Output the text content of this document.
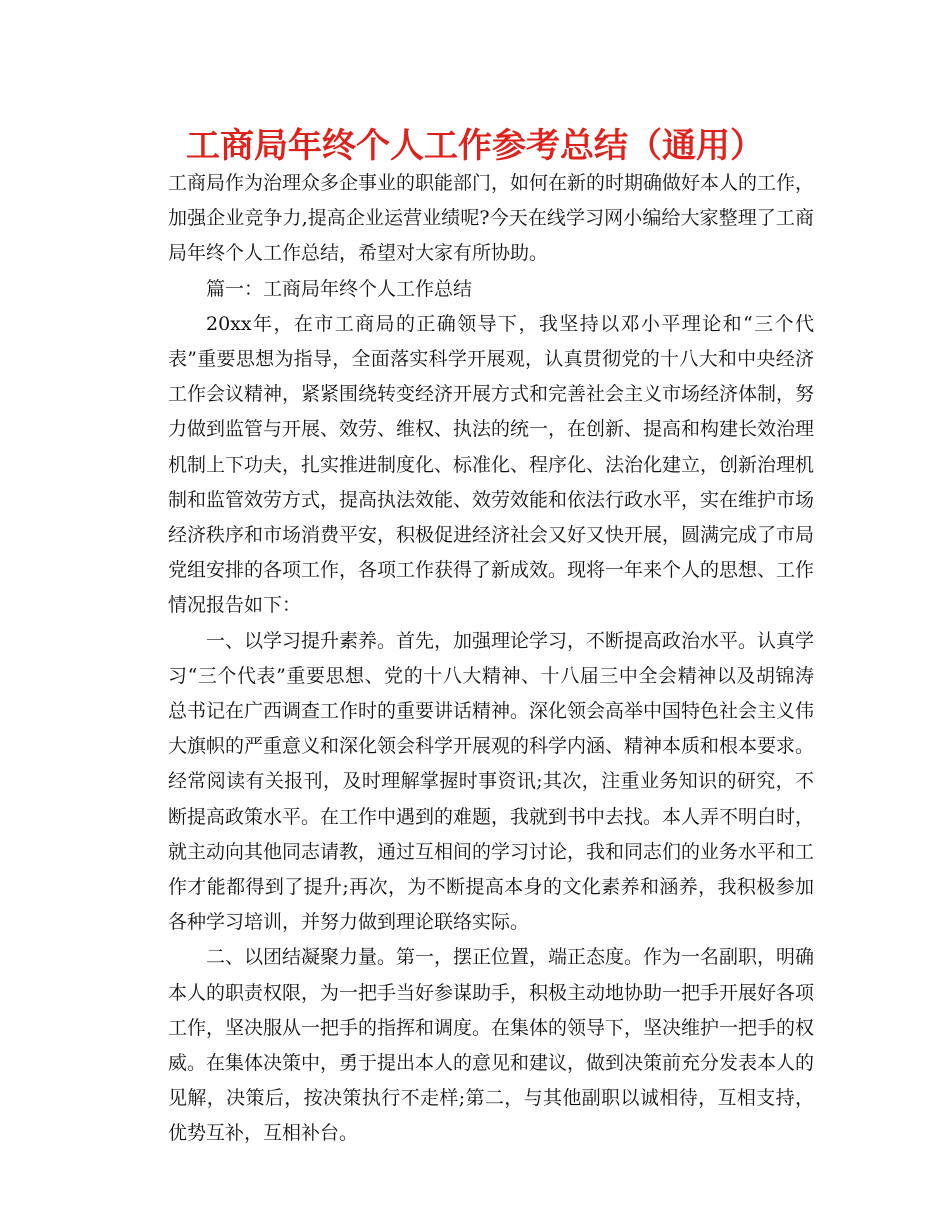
工商局年终个人工作参考总结（通用）

工商局作为治理众多企事业的职能部门，如何在新的时期确做好本人的工作，加强企业竞争力,提高企业运营业绩呢?今天在线学习网小编给大家整理了工商局年终个人工作总结，希望对大家有所协助。

篇一：工商局年终个人工作总结

20xx年，在市工商局的正确领导下，我坚持以邓小平理论和“三个代表”重要思想为指导，全面落实科学开展观，认真贯彻党的十八大和中央经济工作会议精神，紧紧围绕转变经济开展方式和完善社会主义市场经济体制，努力做到监管与开展、效劳、维权、执法的统一，在创新、提高和构建长效治理机制上下功夫，扎实推进制度化、标准化、程序化、法治化建立，创新治理机制和监管效劳方式，提高执法效能、效劳效能和依法行政水平，实在维护市场经济秩序和市场消费平安，积极促进经济社会又好又快开展，圆满完成了市局党组安排的各项工作，各项工作获得了新成效。现将一年来个人的思想、工作情况报告如下：

一、以学习提升素养。首先，加强理论学习，不断提高政治水平。认真学习“三个代表”重要思想、党的十八大精神、十八届三中全会精神以及胡锦涛总书记在广西调查工作时的重要讲话精神。深化领会高举中国特色社会主义伟大旗帜的严重意义和深化领会科学开展观的科学内涵、精神本质和根本要求。经常阅读有关报刊，及时理解掌握时事资讯;其次，注重业务知识的研究，不断提高政策水平。在工作中遇到的难题，我就到书中去找。本人弄不明白时，就主动向其他同志请教，通过互相间的学习讨论，我和同志们的业务水平和工作才能都得到了提升;再次，为不断提高本身的文化素养和涵养，我积极参加各种学习培训，并努力做到理论联络实际。

二、以团结凝聚力量。第一，摆正位置，端正态度。作为一名副职，明确本人的职责权限，为一把手当好参谋助手，积极主动地协助一把手开展好各项工作，坚决服从一把手的指挥和调度。在集体的领导下，坚决维护一把手的权威。在集体决策中，勇于提出本人的意见和建议，做到决策前充分发表本人的见解，决策后，按决策执行不走样;第二，与其他副职以诚相待，互相支持，优势互补，互相补台。
